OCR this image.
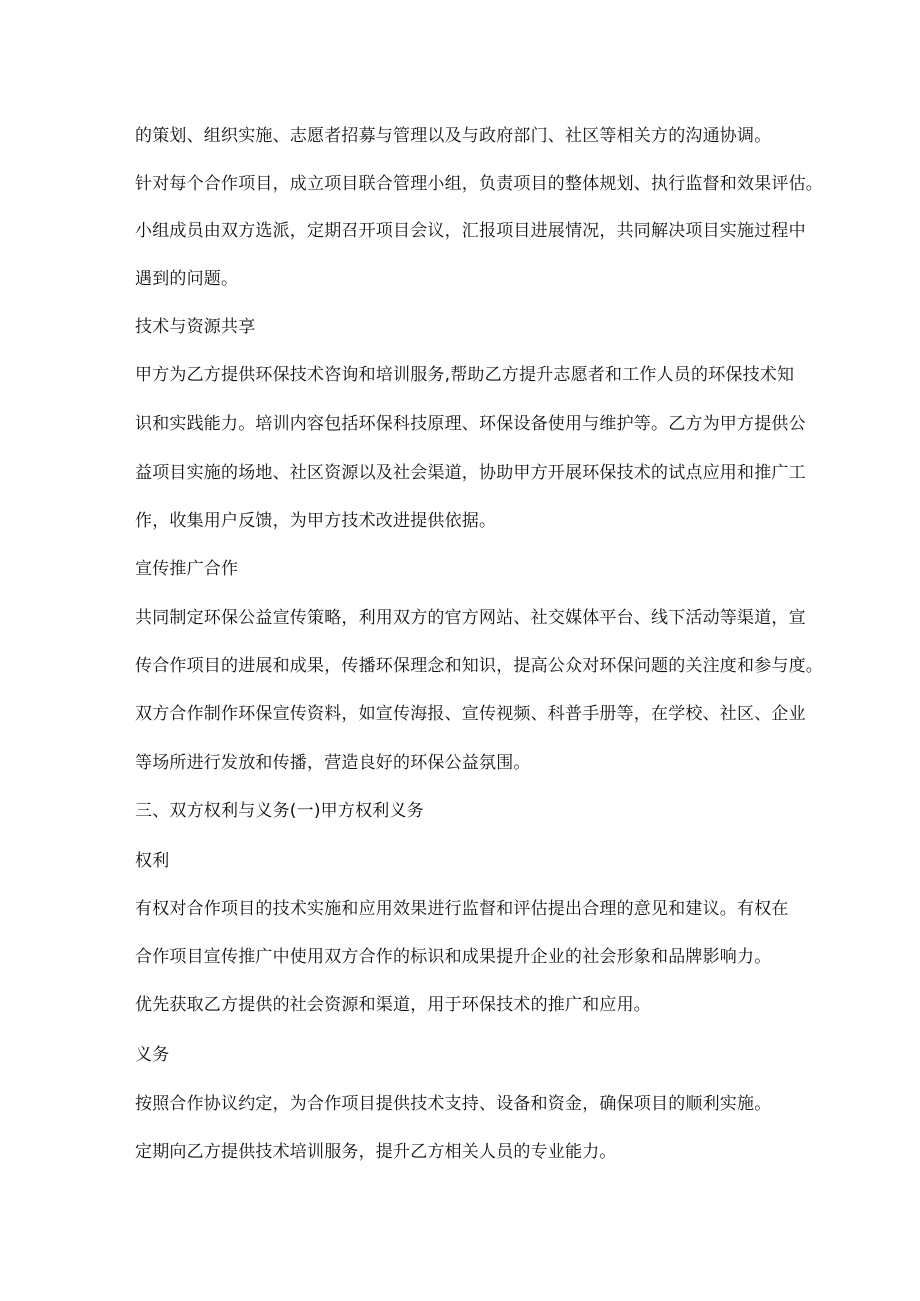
的策划、组织实施、志愿者招募与管理以及与政府部门、社区等相关方的沟通协调。
针对每个合作项目，成立项目联合管理小组，负责项目的整体规划、执行监督和效果评估。
小组成员由双方选派，定期召开项目会议，汇报项目进展情况，共同解决项目实施过程中
遇到的问题。
技术与资源共享
甲方为乙方提供环保技术咨询和培训服务,帮助乙方提升志愿者和工作人员的环保技术知
识和实践能力。培训内容包括环保科技原理、环保设备使用与维护等。乙方为甲方提供公
益项目实施的场地、社区资源以及社会渠道，协助甲方开展环保技术的试点应用和推广工
作，收集用户反馈，为甲方技术改进提供依据。
宣传推广合作
共同制定环保公益宣传策略，利用双方的官方网站、社交媒体平台、线下活动等渠道，宣
传合作项目的进展和成果，传播环保理念和知识，提高公众对环保问题的关注度和参与度。
双方合作制作环保宣传资料，如宣传海报、宣传视频、科普手册等，在学校、社区、企业
等场所进行发放和传播，营造良好的环保公益氛围。
三、双方权利与义务(一)甲方权利义务
权利
有权对合作项目的技术实施和应用效果进行监督和评估提出合理的意见和建议。有权在
合作项目宣传推广中使用双方合作的标识和成果提升企业的社会形象和品牌影响力。
优先获取乙方提供的社会资源和渠道，用于环保技术的推广和应用。
义务
按照合作协议约定，为合作项目提供技术支持、设备和资金，确保项目的顺利实施。
定期向乙方提供技术培训服务，提升乙方相关人员的专业能力。
